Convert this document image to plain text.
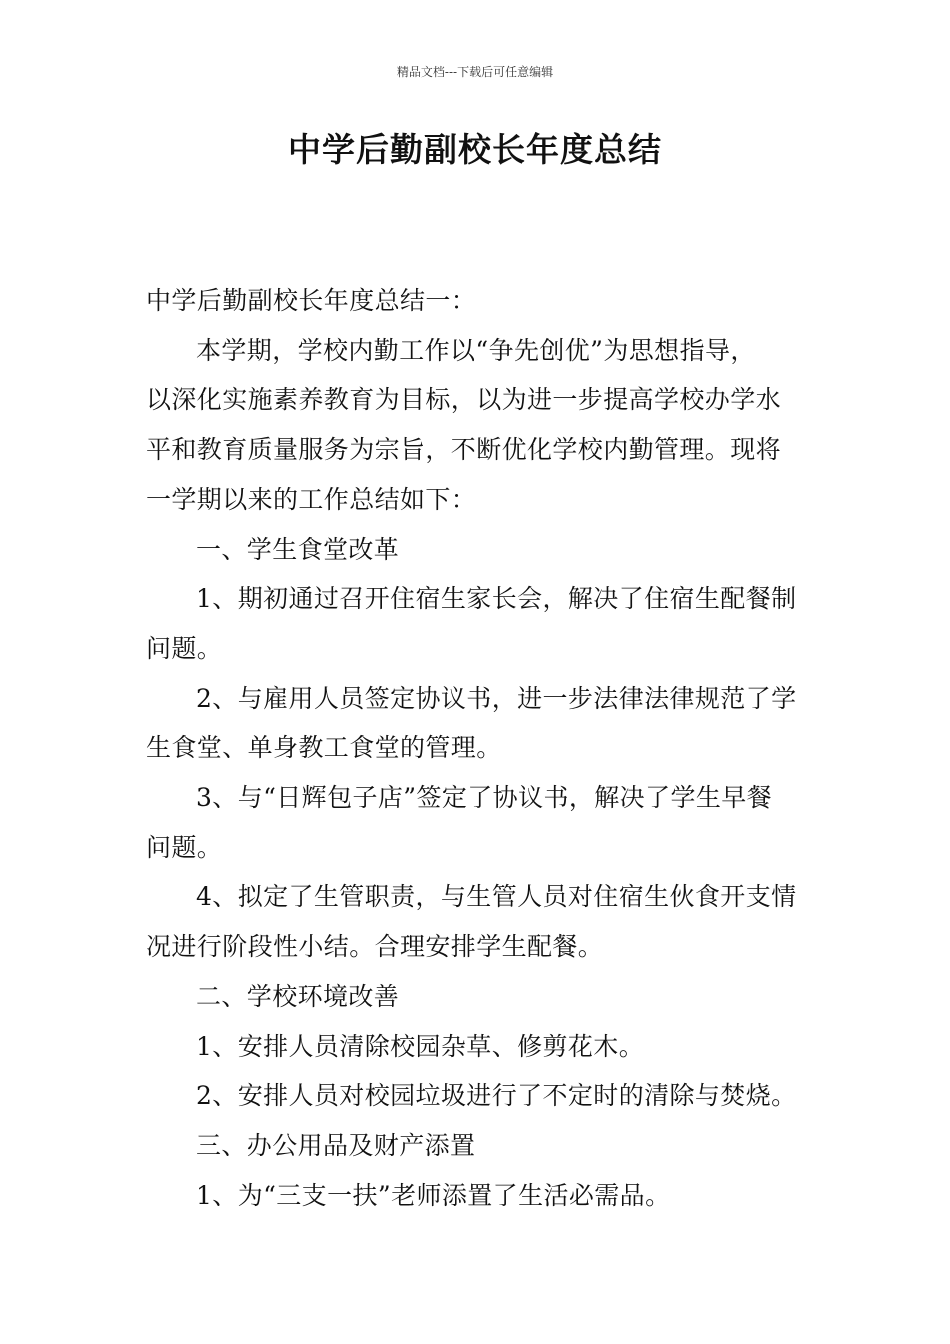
精品文档---下载后可任意编辑
中学后勤副校长年度总结

中学后勤副校长年度总结一：

本学期，学校内勤工作以“争先创优”为思想指导，

以深化实施素养教育为目标，以为进一步提高学校办学水

平和教育质量服务为宗旨，不断优化学校内勤管理。现将

一学期以来的工作总结如下：

一、学生食堂改革

1、期初通过召开住宿生家长会，解决了住宿生配餐制

问题。

2、与雇用人员签定协议书，进一步法律法律规范了学

生食堂、单身教工食堂的管理。

3、与“日辉包子店”签定了协议书，解决了学生早餐

问题。

4、拟定了生管职责，与生管人员对住宿生伙食开支情

况进行阶段性小结。合理安排学生配餐。

二、学校环境改善

1、安排人员清除校园杂草、修剪花木。

2、安排人员对校园垃圾进行了不定时的清除与焚烧。

三、办公用品及财产添置

1、为“三支一扶”老师添置了生活必需品。
